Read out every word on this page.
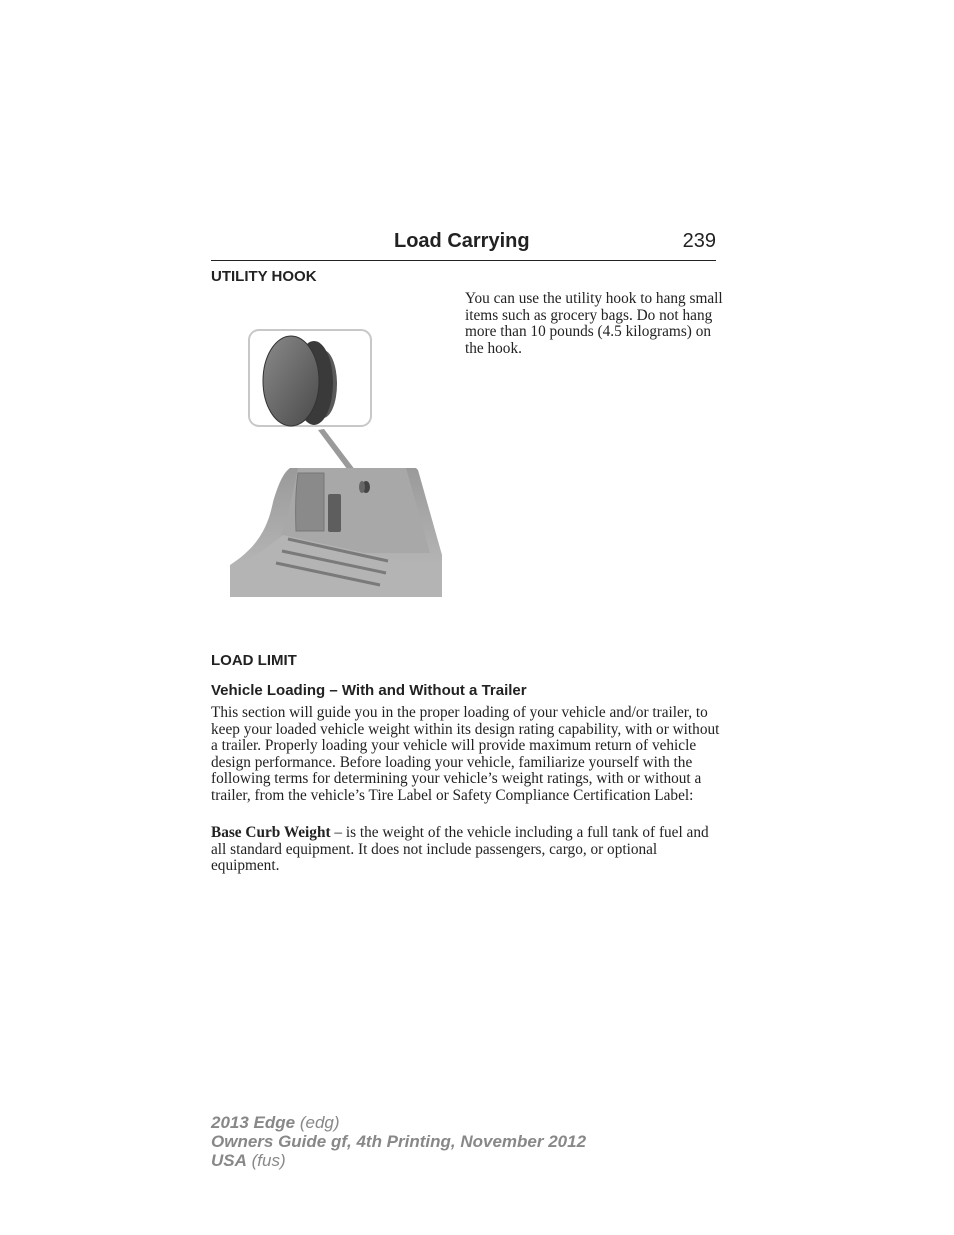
Load Carrying	239
UTILITY HOOK
You can use the utility hook to hang small items such as grocery bags. Do not hang more than 10 pounds (4.5 kilograms) on the hook.
LOAD LIMIT
Vehicle Loading – With and Without a Trailer
This section will guide you in the proper loading of your vehicle and/or trailer, to keep your loaded vehicle weight within its design rating capability, with or without a trailer. Properly loading your vehicle will provide maximum return of vehicle design performance. Before loading your vehicle, familiarize yourself with the following terms for determining your vehicle’s weight ratings, with or without a trailer, from the vehicle’s Tire Label or Safety Compliance Certification Label:
Base Curb Weight – is the weight of the vehicle including a full tank of fuel and all standard equipment. It does not include passengers, cargo, or optional equipment.
2013 Edge (edg)
Owners Guide gf, 4th Printing, November 2012
USA (fus)
